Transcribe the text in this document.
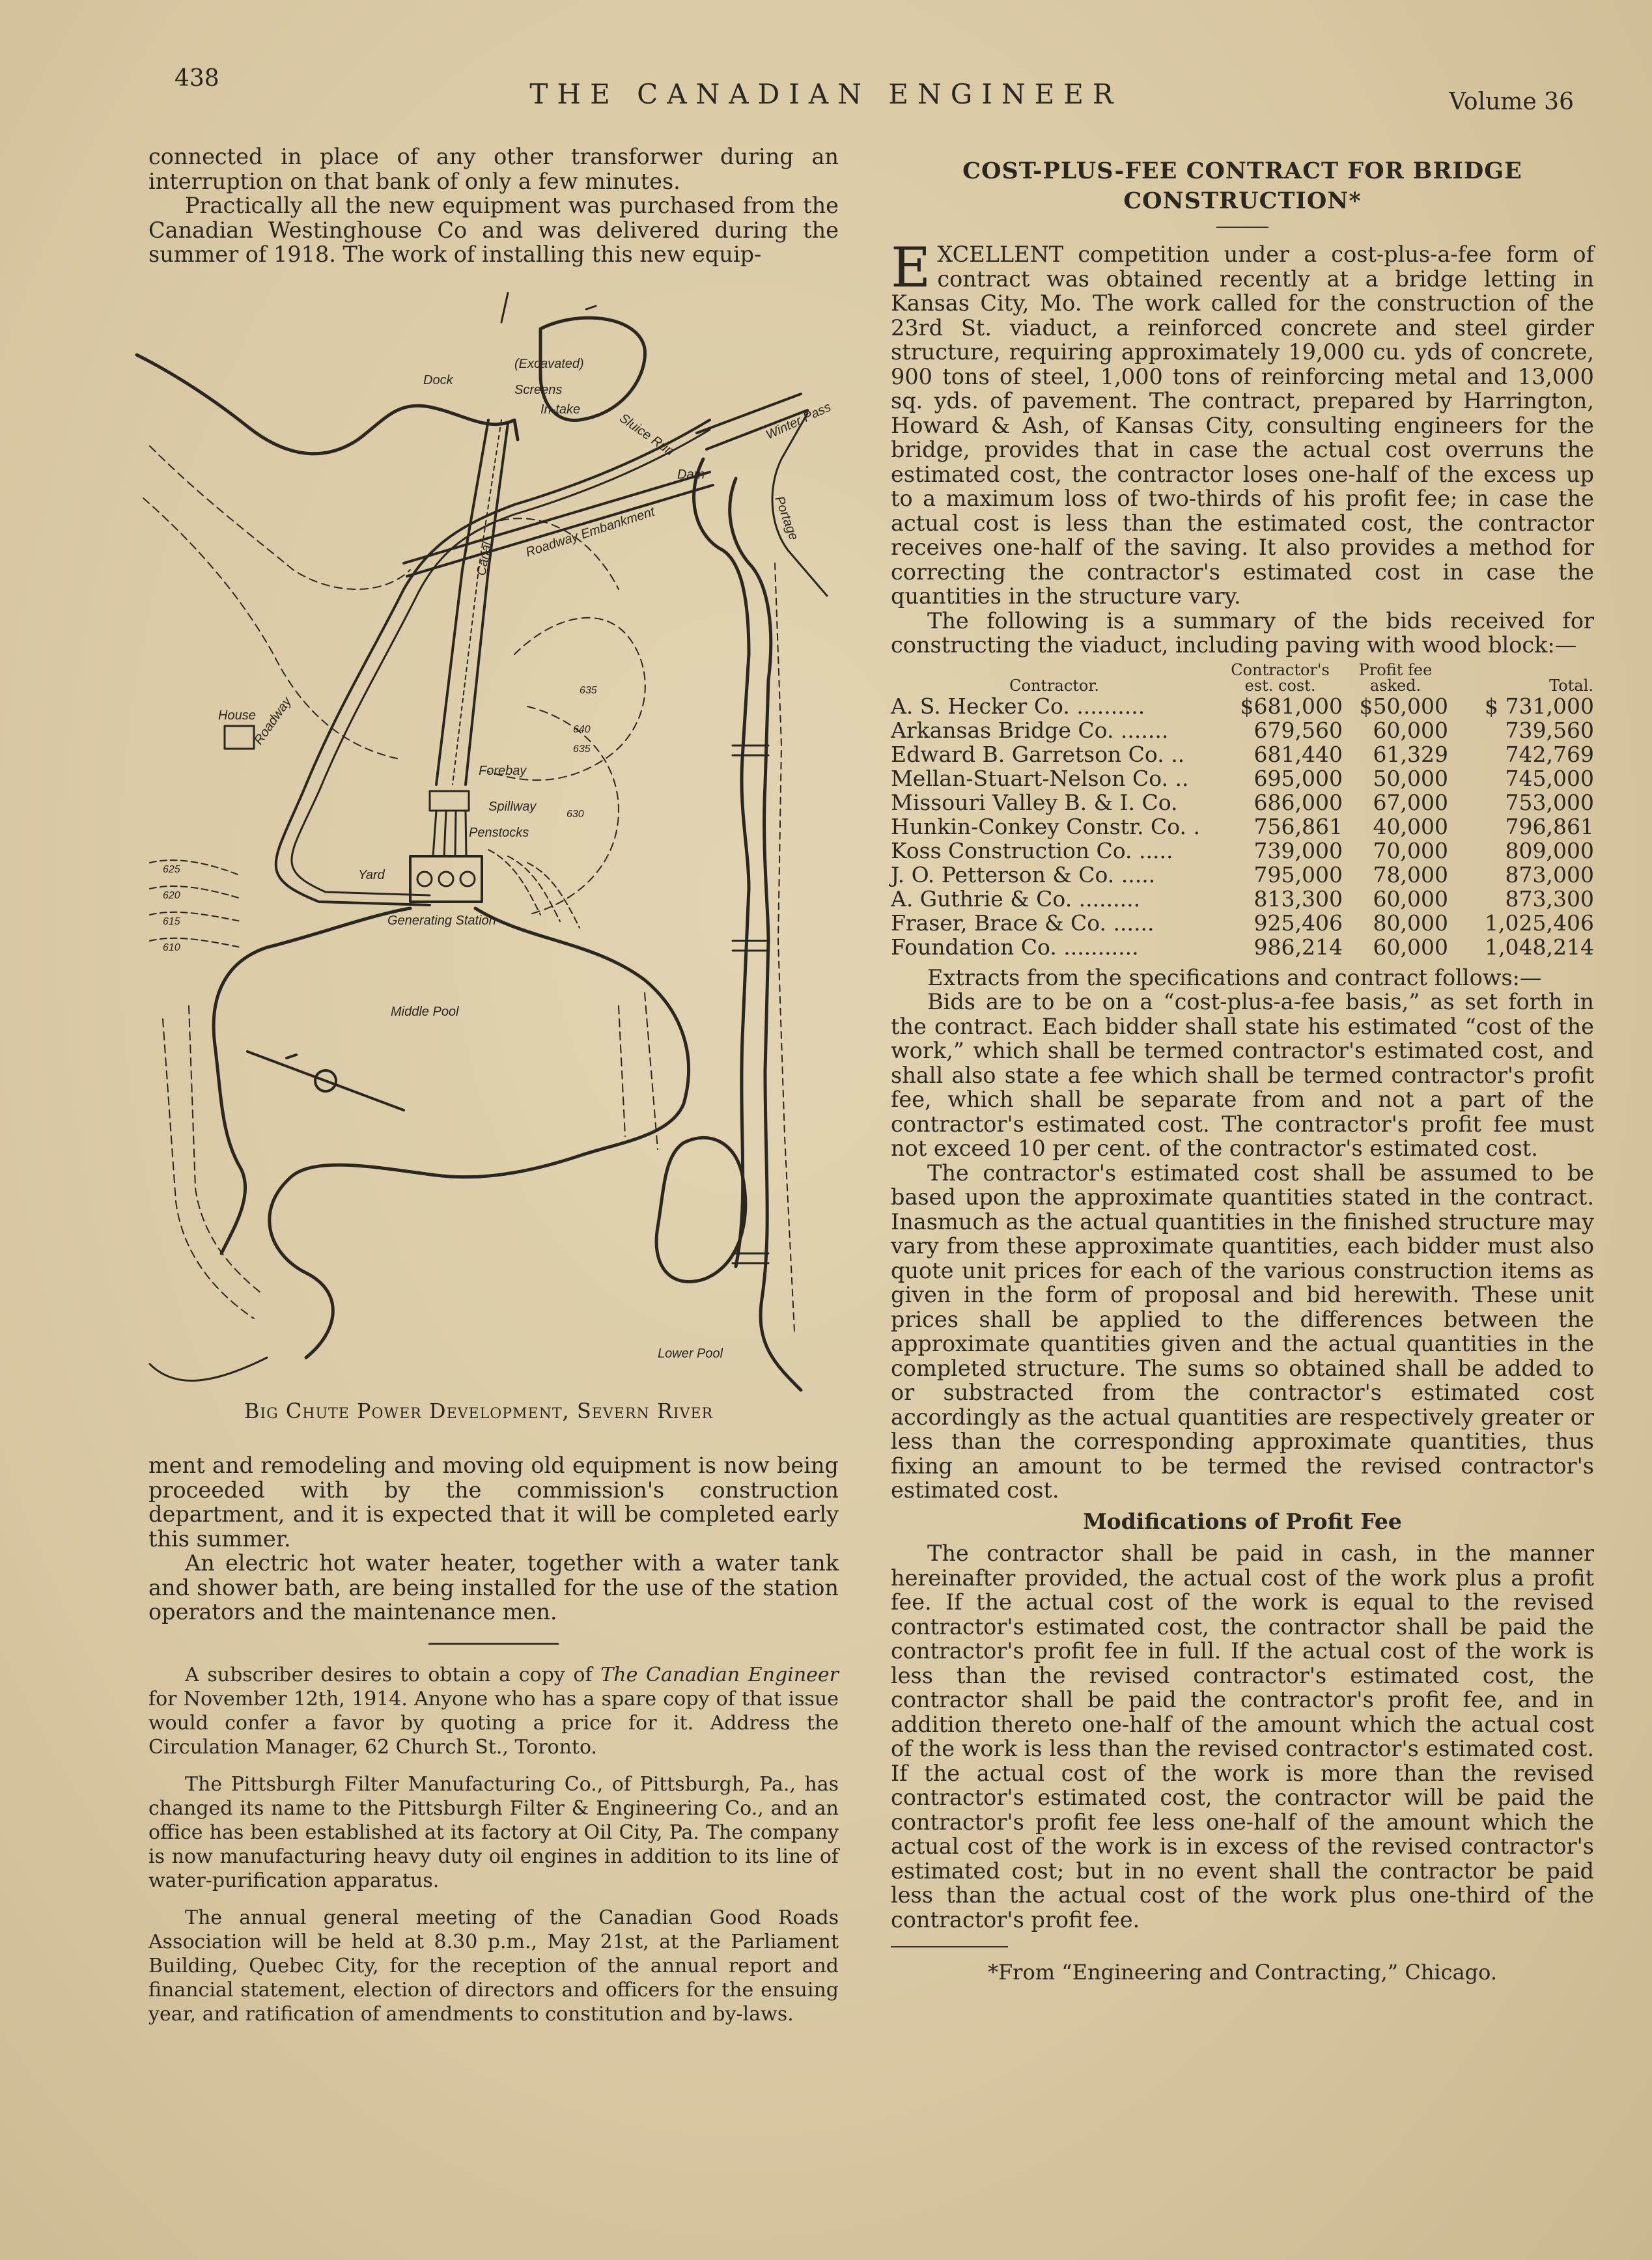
438	THE CANADIAN ENGINEER	Volume 36

connected in place of any other transforwer during an interruption on that bank of only a few minutes.

Practically all the new equipment was purchased from the Canadian Westinghouse Co and was delivered during the summer of 1918. The work of installing this new equip-

(Excavated)
Dock
Screens
In-take
Sluice Run
Dam
Winter Pass
Roadway Embankment
Canal
Portage
House
Roadway
Forebay
Spillway
Penstocks
Yard
Generating Station
Middle Pool
Lower Pool
635
640
635
630
625
620
615
610
Big Chute Power Development, Severn River

ment and remodeling and moving old equipment is now being proceeded with by the commission's construction department, and it is expected that it will be completed early this summer.

An electric hot water heater, together with a water tank and shower bath, are being installed for the use of the station operators and the maintenance men.

A subscriber desires to obtain a copy of The Canadian Engineer for November 12th, 1914. Anyone who has a spare copy of that issue would confer a favor by quoting a price for it. Address the Circulation Manager, 62 Church St., Toronto.

The Pittsburgh Filter Manufacturing Co., of Pittsburgh, Pa., has changed its name to the Pittsburgh Filter & Engineering Co., and an office has been established at its factory at Oil City, Pa. The company is now manufacturing heavy duty oil engines in addition to its line of water-purification apparatus.

The annual general meeting of the Canadian Good Roads Association will be held at 8.30 p.m., May 21st, at the Parliament Building, Quebec City, for the reception of the annual report and financial statement, election of directors and officers for the ensuing year, and ratification of amendments to constitution and by-laws.

COST-PLUS-FEE CONTRACT FOR BRIDGE
CONSTRUCTION*

EXCELLENT competition under a cost-plus-a-fee form of contract was obtained recently at a bridge letting in Kansas City, Mo. The work called for the construction of the 23rd St. viaduct, a reinforced concrete and steel girder structure, requiring approximately 19,000 cu. yds of concrete, 900 tons of steel, 1,000 tons of reinforcing metal and 13,000 sq. yds. of pavement. The contract, prepared by Harrington, Howard & Ash, of Kansas City, consulting engineers for the bridge, provides that in case the actual cost overruns the estimated cost, the contractor loses one-half of the excess up to a maximum loss of two-thirds of his profit fee; in case the actual cost is less than the estimated cost, the contractor receives one-half of the saving. It also provides a method for correcting the contractor's estimated cost in case the quantities in the structure vary.

The following is a summary of the bids received for constructing the viaduct, including paving with wood block:—

Contractor.	Contractor's est. cost.	Profit fee asked.	Total.
A. S. Hecker Co. ..........	$681,000	$50,000	$ 731,000
Arkansas Bridge Co. .......	679,560	60,000	739,560
Edward B. Garretson Co. ..	681,440	61,329	742,769
Mellan-Stuart-Nelson Co. ..	695,000	50,000	745,000
Missouri Valley B. & I. Co.	686,000	67,000	753,000
Hunkin-Conkey Constr. Co. .	756,861	40,000	796,861
Koss Construction Co. .....	739,000	70,000	809,000
J. O. Petterson & Co. .....	795,000	78,000	873,000
A. Guthrie & Co. .........	813,300	60,000	873,300
Fraser, Brace & Co. ......	925,406	80,000	1,025,406
Foundation Co. ...........	986,214	60,000	1,048,214

Extracts from the specifications and contract follows:—

Bids are to be on a “cost-plus-a-fee basis,” as set forth in the contract. Each bidder shall state his estimated “cost of the work,” which shall be termed contractor's estimated cost, and shall also state a fee which shall be termed contractor's profit fee, which shall be separate from and not a part of the contractor's estimated cost. The contractor's profit fee must not exceed 10 per cent. of the contractor's estimated cost.

The contractor's estimated cost shall be assumed to be based upon the approximate quantities stated in the contract. Inasmuch as the actual quantities in the finished structure may vary from these approximate quantities, each bidder must also quote unit prices for each of the various construction items as given in the form of proposal and bid herewith. These unit prices shall be applied to the differences between the approximate quantities given and the actual quantities in the completed structure. The sums so obtained shall be added to or substracted from the contractor's estimated cost accordingly as the actual quantities are respectively greater or less than the corresponding approximate quantities, thus fixing an amount to be termed the revised contractor's estimated cost.

Modifications of Profit Fee

The contractor shall be paid in cash, in the manner hereinafter provided, the actual cost of the work plus a profit fee. If the actual cost of the work is equal to the revised contractor's estimated cost, the contractor shall be paid the contractor's profit fee in full. If the actual cost of the work is less than the revised contractor's estimated cost, the contractor shall be paid the contractor's profit fee, and in addition thereto one-half of the amount which the actual cost of the work is less than the revised contractor's estimated cost. If the actual cost of the work is more than the revised contractor's estimated cost, the contractor will be paid the contractor's profit fee less one-half of the amount which the actual cost of the work is in excess of the revised contractor's estimated cost; but in no event shall the contractor be paid less than the actual cost of the work plus one-third of the contractor's profit fee.

*From “Engineering and Contracting,” Chicago.
